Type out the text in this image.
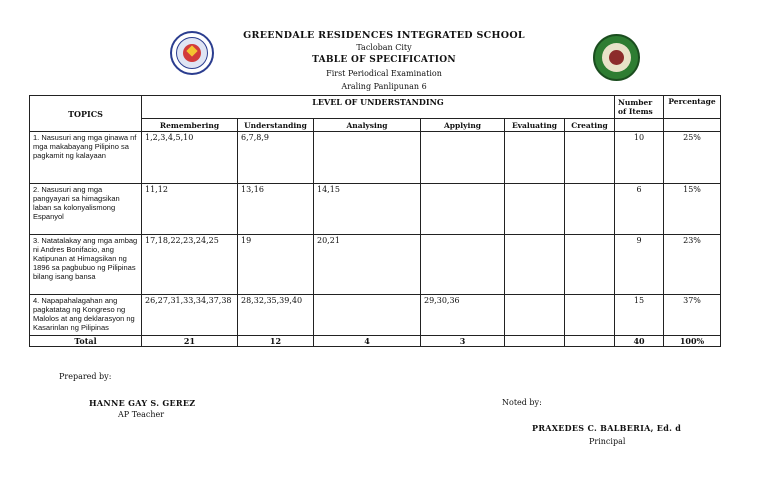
GREENDALE RESIDENCES INTEGRATED SCHOOL
Tacloban City
TABLE OF SPECIFICATION
First Periodical Examination
Araling Panlipunan 6
TOPICS	LEVEL OF UNDERSTANDING						Number of Items	Percentage
	Remembering	Understanding	Analysing	Applying	Evaluating	Creating		
1. Nasusuri ang mga ginawa nf mga makabayang Pilipino sa pagkamit ng kalayaan	1,2,3,4,5,10	6,7,8,9					10	25%
2. Nasusuri ang mga pangyayari sa himagsikan laban sa kolonyalismong Espanyol	11,12	13,16	14,15				6	15%
3. Natatalakay ang mga ambag ni Andres Bonifacio, ang Katipunan at Himagsikan ng 1896 sa pagbubuo ng Pilipinas bilang isang bansa	17,18,22,23,24,25	19	20,21				9	23%
4. Napapahalagahan ang pagkatatag ng Kongreso ng Malolos at ang deklarasyon ng Kasarinlan ng Pilipinas	26,27,31,33,34,37,38	28,32,35,39,40		29,30,36			15	37%
Total	21	12	4	3			40	100%
Prepared by:
HANNE GAY S. GEREZ
AP Teacher
Noted by:
PRAXEDES C. BALBERIA, Ed. d
Principal
